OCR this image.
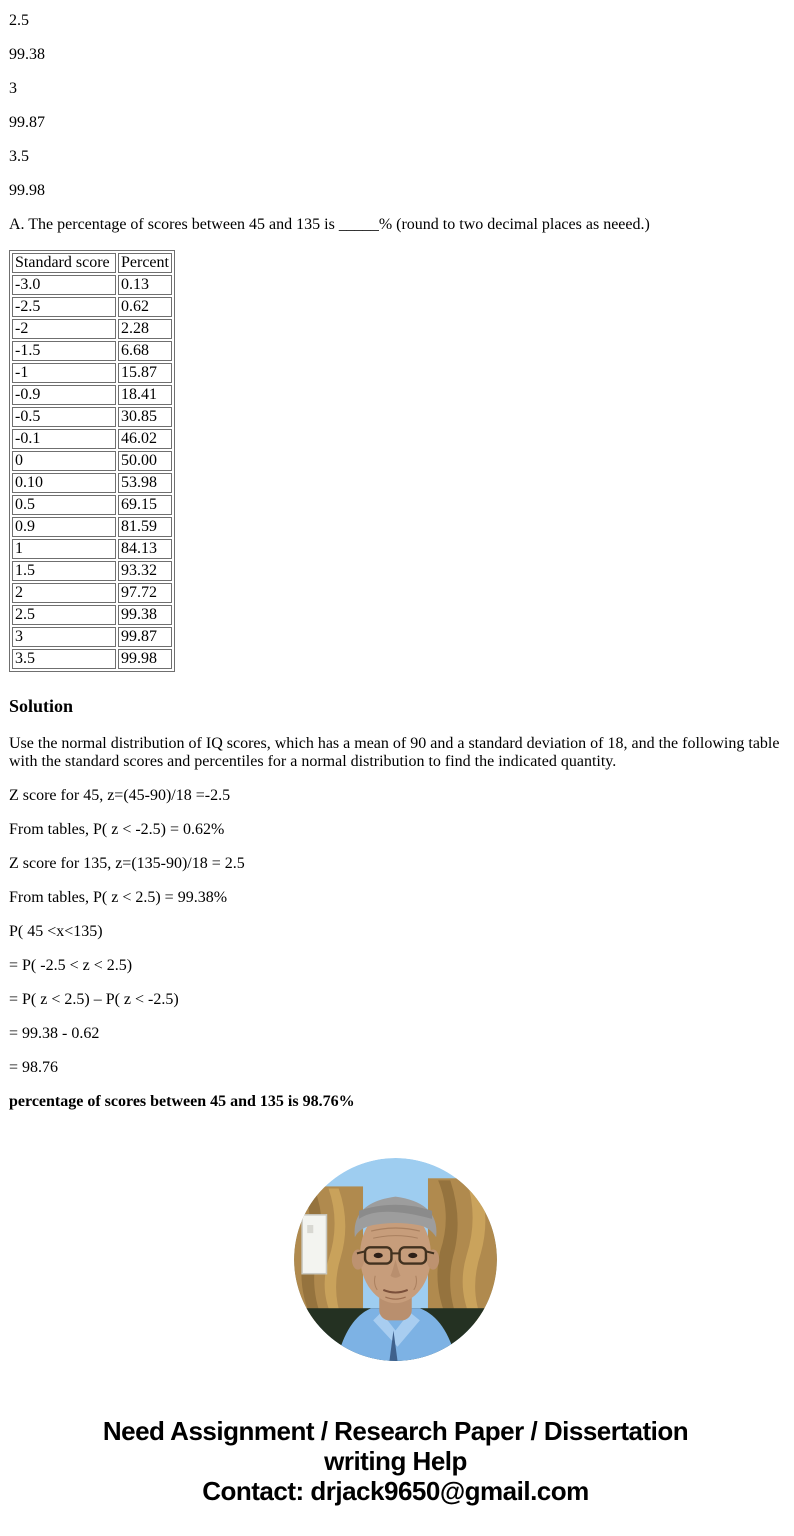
2.5

99.38

3

99.87

3.5

99.98

A. The percentage of scores between 45 and 135 is _____% (round to two decimal places as neeed.)

Standard score	Percent
-3.0	0.13
-2.5	0.62
-2	2.28
-1.5	6.68
-1	15.87
-0.9	18.41
-0.5	30.85
-0.1	46.02
0	50.00
0.10	53.98
0.5	69.15
0.9	81.59
1	84.13
1.5	93.32
2	97.72
2.5	99.38
3	99.87
3.5	99.98
Solution

Use the normal distribution of IQ scores, which has a mean of 90 and a standard deviation of 18, and the following table with the standard scores and percentiles for a normal distribution to find the indicated quantity.

Z score for 45, z=(45-90)/18 =-2.5

From tables, P( z < -2.5) = 0.62%

Z score for 135, z=(135-90)/18 = 2.5

From tables, P( z < 2.5) = 99.38%

P( 45 <x<135)

= P( -2.5 < z < 2.5)

= P( z < 2.5) – P( z < -2.5)

= 99.38 - 0.62

= 98.76

percentage of scores between 45 and 135 is 98.76%

Need Assignment / Research Paper / Dissertation
writing Help
Contact: drjack9650@gmail.com
